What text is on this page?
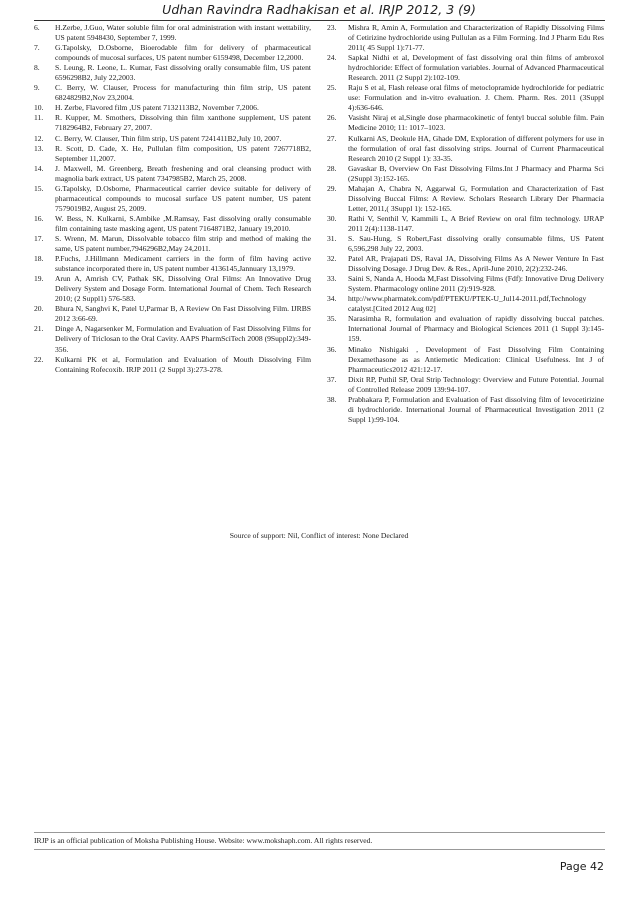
Udhan Ravindra Radhakisan et al. IRJP 2012, 3 (9)
6.	H.Zerbe, J.Guo, Water soluble film for oral administration with instant wettability, US patent 5948430, September 7, 1999.
7.	G.Tapolsky, D.Osborne, Bioerodable film for delivery of pharmaceutical compounds of mucosal surfaces, US patent number 6159498, December 12,2000.
8.	S. Leung, R. Leone, L. Kumar, Fast dissolving orally consumable film, US patent 6596298B2, July 22,2003.
9.	C. Berry, W. Clauser, Process for manufacturing thin film strip, US patent 6824829B2,Nov 23,2004.
10.	H. Zerbe, Flavored film ,US patent 7132113B2, November 7,2006.
11.	R. Kupper, M. Smothers, Dissolving thin film xanthone supplement, US patent 7182964B2, February 27, 2007.
12.	C. Berry, W. Clauser, Thin film strip, US patent 7241411B2,July 10, 2007.
13.	R. Scott, D. Cade, X. He, Pullulan film composition, US patent 7267718B2, September 11,2007.
14.	J. Maxwell, M. Greenberg, Breath freshening and oral cleansing product with magnolia bark extract, US patent 7347985B2, March 25, 2008.
15.	G.Tapolsky, D.Osborne, Pharmaceutical carrier device suitable for delivery of pharmaceutical compounds to mucosal surface US patent number, US patent 7579019B2, August 25, 2009.
16.	W. Bess, N. Kulkarni, S.Ambike ,M.Ramsay, Fast dissolving orally consumable film containing taste masking agent, US patent 7164871B2, January 19,2010.
17.	S. Wrenn, M. Marun, Dissolvable tobacco film strip and method of making the same, US patent number,7946296B2,May 24,2011.
18.	P.Fuchs, J.Hillmann Medicament carriers in the form of film having active substance incorporated there in, US patent number 4136145,Jannuary 13,1979.
19.	Arun A, Amrish CV, Pathak SK, Dissolving Oral Films: An Innovative Drug Delivery System and Dosage Form. International Journal of Chem. Tech Research 2010; (2 Suppl1) 576-583.
20.	Bhura N, Sanghvi K, Patel U,Parmar B, A Review On Fast Dissolving Film. IJRBS 2012 3:66-69.
21.	Dinge A, Nagarsenker M, Formulation and Evaluation of Fast Dissolving Films for Delivery of Triclosan to the Oral Cavity. AAPS PharmSciTech 2008 (9Suppl2):349-356.
22.	Kulkarni PK et al, Formulation and Evaluation of Mouth Dissolving Film Containing Rofecoxib. IRJP 2011 (2 Suppl 3):273-278.
23.	Mishra R, Amin A, Formulation and Characterization of Rapidly Dissolving Films of Cetirizine hydrochloride using Pullulan as a Film Forming. Ind J Pharm Edu Res 2011( 45 Suppl 1):71-77.
24.	Sapkal Nidhi et al, Development of fast dissolving oral thin films of ambroxol hydrochloride: Effect of formulation variables. Journal of Advanced Pharmaceutical Research. 2011 (2 Suppl 2):102-109.
25.	Raju S et al, Flash release oral films of metoclopramide hydrochloride for pediatric use: Formulation and in-vitro evaluation. J. Chem. Pharm. Res. 2011 (3Suppl 4):636-646.
26.	Vasisht Niraj et al,Single dose pharmacokinetic of fentyl buccal soluble film. Pain Medicine 2010; 11: 1017–1023.
27.	Kulkarni AS, Deokule HA, Ghade DM, Exploration of different polymers for use in the formulation of oral fast dissolving strips. Journal of Current Pharmaceutical Research 2010 (2 Suppl 1): 33-35.
28.	Gavaskar B, Overview On Fast Dissolving Films.Int J Pharmacy and Pharma Sci (2Suppl 3):152-165.
29.	Mahajan A, Chabra N, Aggarwal G, Formulation and Characterization of Fast Dissolving Buccal Films: A Review. Scholars Research Library Der Pharmacia Letter, 2011,( 3Suppl 1): 152-165.
30.	Rathi V, Senthil V, Kammili L, A Brief Review on oral film technology. IJRAP 2011 2(4):1138-1147.
31.	S. Sau-Hung, S Robert,Fast dissolving orally consumable films, US Patent 6,596,298 July 22, 2003.
32.	Patel AR, Prajapati DS, Raval JA, Dissolving Films As A Newer Venture In Fast Dissolving Dosage. J Drug Dev. & Res., April-June 2010, 2(2):232-246.
33.	Saini S, Nanda A, Hooda M,Fast Dissolving Films (Fdf): Innovative Drug Delivery System. Pharmacology online 2011 (2):919-928.
34.	http://www.pharmatek.com/pdf/PTEKU/PTEK-U_Jul14-2011.pdf,Technology catalyst.[Cited 2012 Aug 02]
35.	Narasimha R, formulation and evaluation of rapidly dissolving buccal patches. International Journal of Pharmacy and Biological Sciences 2011 (1 Suppl 3):145-159.
36.	Minako Nishigaki , Development of Fast Dissolving Film Containing Dexamethasone as as Antiemetic Medication: Clinical Usefulness. Int J of Pharmaceutics2012 421:12-17.
37.	Dixit RP, Puthil SP, Oral Strip Technology: Overview and Future Potential. Journal of Controlled Release 2009 139:94-107.
38.	Prabhakara P, Formulation and Evaluation of Fast dissolving film of levocetirizine di hydrochloride. International Journal of Pharmaceutical Investigation 2011 (2 Suppl 1):99-104.
Source of support: Nil, Conflict of interest: None Declared
IRJP is an official publication of Moksha Publishing House. Website: www.mokshaph.com. All rights reserved.
Page 42
